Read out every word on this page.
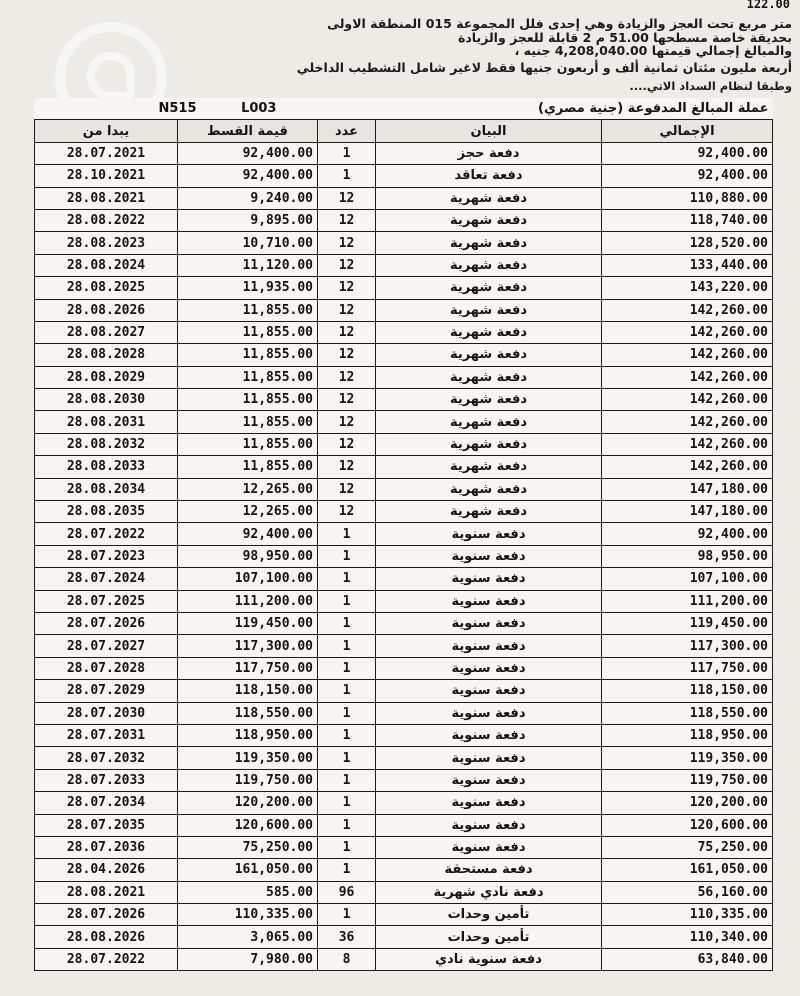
122.00
متر مربع تحت العجز والزيادة وهي إحدى فلل المجموعة 015 المنطقة الاولى
بحديقة خاصة مسطحها 51.00 م 2 قابلة للعجز والزيادة
والمبالغ إجمالي قيمتها 4,208,040.00 جنيه ،
أربعة مليون مئتان ثمانية ألف و أربعون جنيها فقط لاغير شامل التشطيب الداخلي
وطبقا لنظام السداد الاتي....
N515 L003		عملة المبالغ المدفوعة (جنية مصري)		
يبدا من	قيمة القسط	عدد	البيان	الإجمالي
28.07.2021	92,400.00	1	دفعة حجز	92,400.00
28.10.2021	92,400.00	1	دفعة تعاقد	92,400.00
28.08.2021	9,240.00	12	دفعة شهرية	110,880.00
28.08.2022	9,895.00	12	دفعة شهرية	118,740.00
28.08.2023	10,710.00	12	دفعة شهرية	128,520.00
28.08.2024	11,120.00	12	دفعة شهرية	133,440.00
28.08.2025	11,935.00	12	دفعة شهرية	143,220.00
28.08.2026	11,855.00	12	دفعة شهرية	142,260.00
28.08.2027	11,855.00	12	دفعة شهرية	142,260.00
28.08.2028	11,855.00	12	دفعة شهرية	142,260.00
28.08.2029	11,855.00	12	دفعة شهرية	142,260.00
28.08.2030	11,855.00	12	دفعة شهرية	142,260.00
28.08.2031	11,855.00	12	دفعة شهرية	142,260.00
28.08.2032	11,855.00	12	دفعة شهرية	142,260.00
28.08.2033	11,855.00	12	دفعة شهرية	142,260.00
28.08.2034	12,265.00	12	دفعة شهرية	147,180.00
28.08.2035	12,265.00	12	دفعة شهرية	147,180.00
28.07.2022	92,400.00	1	دفعة سنوية	92,400.00
28.07.2023	98,950.00	1	دفعة سنوية	98,950.00
28.07.2024	107,100.00	1	دفعة سنوية	107,100.00
28.07.2025	111,200.00	1	دفعة سنوية	111,200.00
28.07.2026	119,450.00	1	دفعة سنوية	119,450.00
28.07.2027	117,300.00	1	دفعة سنوية	117,300.00
28.07.2028	117,750.00	1	دفعة سنوية	117,750.00
28.07.2029	118,150.00	1	دفعة سنوية	118,150.00
28.07.2030	118,550.00	1	دفعة سنوية	118,550.00
28.07.2031	118,950.00	1	دفعة سنوية	118,950.00
28.07.2032	119,350.00	1	دفعة سنوية	119,350.00
28.07.2033	119,750.00	1	دفعة سنوية	119,750.00
28.07.2034	120,200.00	1	دفعة سنوية	120,200.00
28.07.2035	120,600.00	1	دفعة سنوية	120,600.00
28.07.2036	75,250.00	1	دفعة سنوية	75,250.00
28.04.2026	161,050.00	1	دفعة مستحقة	161,050.00
28.08.2021	585.00	96	دفعة نادي شهرية	56,160.00
28.07.2026	110,335.00	1	تأمين وحدات	110,335.00
28.08.2026	3,065.00	36	تأمين وحدات	110,340.00
28.07.2022	7,980.00	8	دفعة سنوية نادي	63,840.00
